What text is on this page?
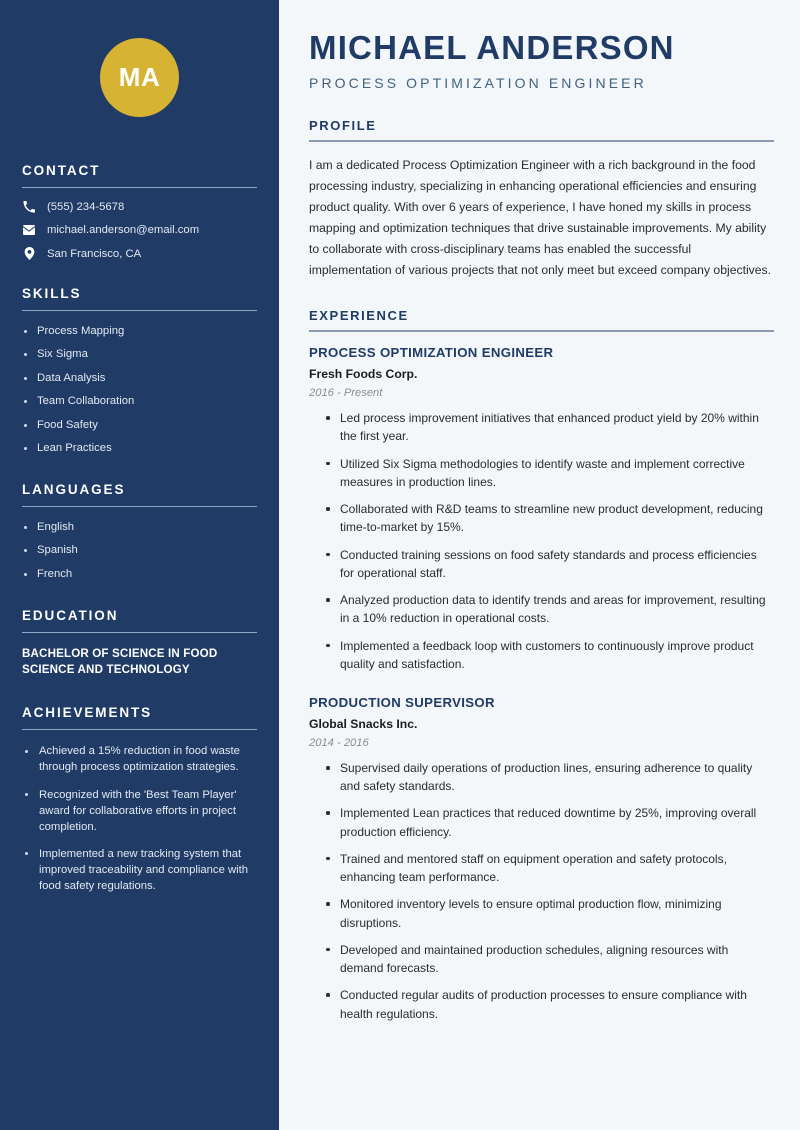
MA
CONTACT
(555) 234-5678
michael.anderson@email.com
San Francisco, CA
SKILLS
Process Mapping
Six Sigma
Data Analysis
Team Collaboration
Food Safety
Lean Practices
LANGUAGES
English
Spanish
French
EDUCATION
BACHELOR OF SCIENCE IN FOOD SCIENCE AND TECHNOLOGY
ACHIEVEMENTS
Achieved a 15% reduction in food waste through process optimization strategies.
Recognized with the 'Best Team Player' award for collaborative efforts in project completion.
Implemented a new tracking system that improved traceability and compliance with food safety regulations.
MICHAEL ANDERSON
PROCESS OPTIMIZATION ENGINEER
PROFILE

I am a dedicated Process Optimization Engineer with a rich background in the food processing industry, specializing in enhancing operational efficiencies and ensuring product quality. With over 6 years of experience, I have honed my skills in process mapping and optimization techniques that drive sustainable improvements. My ability to collaborate with cross-disciplinary teams has enabled the successful implementation of various projects that not only meet but exceed company objectives.

EXPERIENCE
PROCESS OPTIMIZATION ENGINEER
Fresh Foods Corp.
2016 - Present
Led process improvement initiatives that enhanced product yield by 20% within the first year.
Utilized Six Sigma methodologies to identify waste and implement corrective measures in production lines.
Collaborated with R&D teams to streamline new product development, reducing time-to-market by 15%.
Conducted training sessions on food safety standards and process efficiencies for operational staff.
Analyzed production data to identify trends and areas for improvement, resulting in a 10% reduction in operational costs.
Implemented a feedback loop with customers to continuously improve product quality and satisfaction.
PRODUCTION SUPERVISOR
Global Snacks Inc.
2014 - 2016
Supervised daily operations of production lines, ensuring adherence to quality and safety standards.
Implemented Lean practices that reduced downtime by 25%, improving overall production efficiency.
Trained and mentored staff on equipment operation and safety protocols, enhancing team performance.
Monitored inventory levels to ensure optimal production flow, minimizing disruptions.
Developed and maintained production schedules, aligning resources with demand forecasts.
Conducted regular audits of production processes to ensure compliance with health regulations.
